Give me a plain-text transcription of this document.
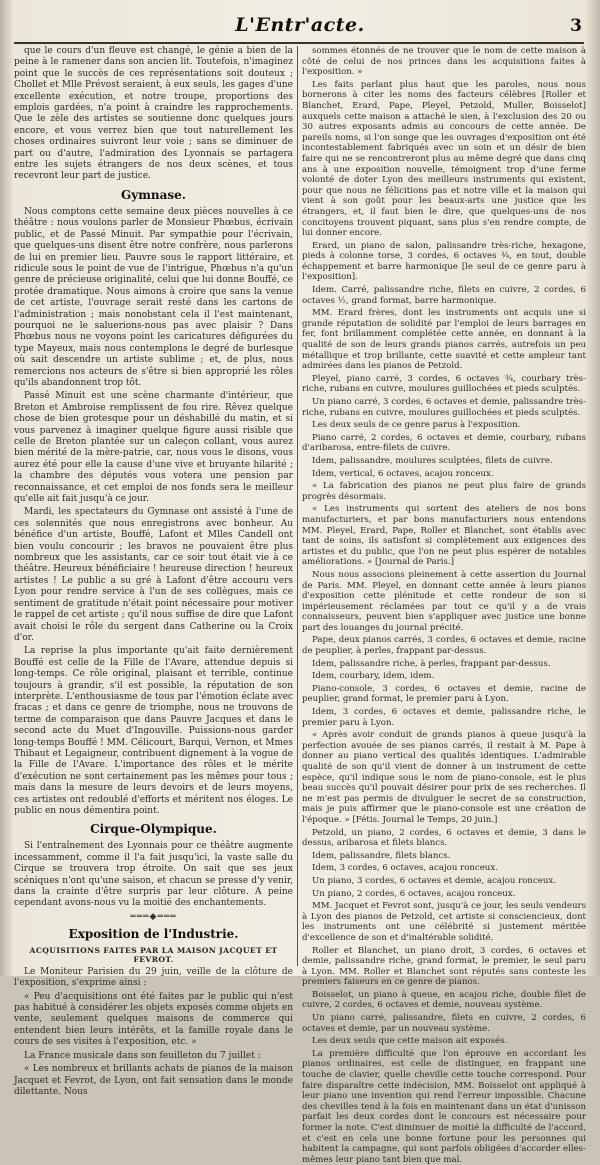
L'Entr'acte.	3

que le cours d'un fleuve est changé, le génie a bien de la peine à le ramener dans son ancien lit. Toutefois, n'imaginez point que le succès de ces représentations soit douteux ; Chollet et Mlle Prévost seraient, à eux seuls, les gages d'une excellente exécution, et notre troupe, proportions des emplois gardées, n'a point à craindre les rapprochements. Que le zèle des artistes se soutienne donc quelques jours encore, et vous verrez bien que tout naturellement les choses ordinaires suivront leur voie ; sans se diminuer de part ou d'autre, l'admiration des Lyonnais se partagera entre les sujets étrangers de nos deux scènes, et tous recevront leur part de justice.

Gymnase.

Nous comptons cette semaine deux pièces nouvelles à ce théâtre : nous voulons parler de Monsieur Phœbus, écrivain public, et de Passé Minuit. Par sympathie pour l'écrivain, que quelques-uns disent être notre confrère, nous parlerons de lui en premier lieu. Pauvre sous le rapport littéraire, et ridicule sous le point de vue de l'intrigue, Phœbus n'a qu'un genre de précieuse originalité, celui que lui donne Bouffé, ce protée dramatique. Nous aimons à croire que sans la venue de cet artiste, l'ouvrage serait resté dans les cartons de l'administration ; mais nonobstant cela il l'est maintenant, pourquoi ne le saluerions-nous pas avec plaisir ? Dans Phœbus nous ne voyons point les caricatures défigurées du type Mayeux, mais nous contemplons le degré de burlesque où sait descendre un artiste sublime ; et, de plus, nous remercions nos acteurs de s'être si bien approprié les rôles qu'ils abandonnent trop tôt.

Passé Minuit est une scène charmante d'intérieur, que Breton et Ambroise remplissent de fou rire. Rêvez quelque chose de bien grotesque pour un déshabillé du matin, et si vous parvenez à imaginer quelque figure aussi risible que celle de Breton plantée sur un caleçon collant, vous aurez bien mérité de la mère-patrie, car, nous vous le disons, vous aurez été pour elle la cause d'une vive et bruyante hilarité ; la chambre des députés vous votera une pension par reconnaissance, et cet emploi de nos fonds sera le meilleur qu'elle ait fait jusqu'à ce jour.

Mardi, les spectateurs du Gymnase ont assisté à l'une de ces solennités que nous enregistrons avec bonheur. Au bénéfice d'un artiste, Bouffé, Lafont et Mlles Candell ont bien voulu concourir ; les bravos ne pouvaient être plus nombreux que les assistants, car ce soir tout était vie à ce théâtre. Heureux bénéficiaire ! heureuse direction ! heureux artistes ! Le public a su gré à Lafont d'être accouru vers Lyon pour rendre service à l'un de ses collègues, mais ce sentiment de gratitude n'était point nécessaire pour motiver le rappel de cet artiste ; qu'il nous suffise de dire que Lafont avait choisi le rôle du sergent dans Catherine ou la Croix d'or.

La reprise la plus importante qu'ait faite dernièrement Bouffé est celle de la Fille de l'Avare, attendue depuis si long-temps. Ce rôle original, plaisant et terrible, continue toujours à grandir, s'il est possible, la réputation de son interprète. L'enthousiasme de tous par l'émotion éclate avec fracas ; et dans ce genre de triomphe, nous ne trouvons de terme de comparaison que dans Pauvre Jacques et dans le second acte du Muet d'Ingouville. Puissions-nous garder long-temps Bouffé ! MM. Célicourt, Barqui, Vernon, et Mmes Thibaut et Legaigneur, contribuent dignement à la vogue de la Fille de l'Avare. L'importance des rôles et le mérite d'exécution ne sont certainement pas les mêmes pour tous ; mais dans la mesure de leurs devoirs et de leurs moyens, ces artistes ont redoublé d'efforts et méritent nos éloges. Le public en nous démentira point.

Cirque-Olympique.

Si l'entraînement des Lyonnais pour ce théâtre augmente incessamment, comme il l'a fait jusqu'ici, la vaste salle du Cirque se trouvera trop étroite. On sait que ses jeux scéniques n'ont qu'une saison, et chacun se presse d'y venir, dans la crainte d'être surpris par leur clôture. A peine cependant avons-nous vu la moitié des enchantements.

═══◆═══
Exposition de l'Industrie.
ACQUISITIONS FAITES PAR LA MAISON JACQUET ET FEVROT.

Le Moniteur Parisien du 29 juin, veille de la clôture de l'exposition, s'exprime ainsi :

« Peu d'acquisitions ont été faites par le public qui n'est pas habitué à considérer les objets exposés comme objets en vente, seulement quelques maisons de commerce qui entendent bien leurs intérêts, et la famille royale dans le cours de ses visites à l'exposition, etc. »

La France musicale dans son feuilleton du 7 juillet :

« Les nombreux et brillants achats de pianos de la maison Jacquet et Fevrot, de Lyon, ont fait sensation dans le monde dilettante. Nous

sommes étonnés de ne trouver que le nom de cette maison à côté de celui de nos princes dans les acquisitions faites à l'exposition. »

Les faits parlant plus haut que les paroles, nous nous bornerons à citer les noms des facteurs célèbres [Roller et Blanchet, Erard, Pape, Pleyel, Petzold, Muller, Boisselot] auxquels cette maison a attaché le sien, à l'exclusion des 20 ou 30 autres exposants admis au concours de cette année. De pareils noms, si l'on songe que les ouvrages d'exposition ont été incontestablement fabriqués avec un soin et un désir de bien faire qui ne se rencontreront plus au même degré que dans cinq ans à une exposition nouvelle, témoignent trop d'une ferme volonté de doter Lyon des meilleurs instruments qui existent, pour que nous ne félicitions pas et notre ville et la maison qui vient à son goût pour les beaux-arts une justice que les étrangers, et, il faut bien le dire, que quelques-uns de nos concitoyens trouvent piquant, sans plus s'en rendre compte, de lui donner encore.

Erard, un piano de salon, palissandre très-riche, hexagone, pieds à colonne torse, 3 cordes, 6 octaves ¾, en tout, double échappement et barre harmonique [le seul de ce genre paru à l'exposition].

Idem. Carré, palissandre riche, filets en cuivre, 2 cordes, 6 octaves ½, grand format, barre harmonique.

MM. Erard frères, dont les instruments ont acquis une si grande réputation de solidité par l'emploi de leurs barrages en fer, font brillamment complétée cette année, en donnant à la qualité de son de leurs grands pianos carrés, autrefois un peu métallique et trop brillante, cette suavité et cette ampleur tant admirées dans les pianos de Petzold.

Pleyel, piano carré, 3 cordes, 6 octaves ¾, courbary très-riche, rubans en cuivre, moulures guillochées et pieds sculptés.

Un piano carré, 3 cordes, 6 octaves et demie, palissandre très-riche, rubans en cuivre, moulures guillochées et pieds sculptés.

Les deux seuls de ce genre parus à l'exposition.

Piano carré, 2 cordes, 6 octaves et demie, courbary, rubans d'aribarosa, entre-filets de cuivre.

Idem, palissandre, moulures sculptées, filets de cuivre.

Idem, vertical, 6 octaves, acajou ronceux.

« La fabrication des pianos ne peut plus faire de grands progrès désormais.

« Les instruments qui sortent des ateliers de nos bons manufacturiers, et par bons manufacturiers nous entendons MM. Pleyel, Erard, Pape, Roller et Blanchet, sont établis avec tant de soins, ils satisfont si complètement aux exigences des artistes et du public, que l'on ne peut plus espérer de notables améliorations. » [Journal de Paris.]

Nous nous associons pleinement à cette assertion du Journal de Paris. MM. Pleyel, en donnant cette année à leurs pianos d'exposition cette plénitude et cette rondeur de son si impérieusement réclamées par tout ce qu'il y a de vrais connaisseurs, peuvent bien s'appliquer avec justice une bonne part des louanges du journal précité.

Pape, deux pianos carrés, 3 cordes, 6 octaves et demie, racine de peuplier, à perles, frappant par-dessus.

Idem, palissandre riche, à perles, frappant par-dessus.

Idem, courbary, idem, idem.

Piano-console, 3 cordes, 6 octaves et demie, racine de peuplier, grand format, le premier paru à Lyon.

Idem, 3 cordes, 6 octaves et demie, palissandre riche, le premier paru à Lyon.

« Après avoir conduit de grands pianos à queue jusqu'à la perfection avouée de ses pianos carrés, il restait à M. Pape à donner au piano vertical des qualités identiques. L'admirable qualité de son qu'il vient de donner à un instrument de cette espèce, qu'il indique sous le nom de piano-console, est le plus beau succès qu'il pouvait désirer pour prix de ses recherches. Il ne m'est pas permis de divulguer le secret de sa construction, mais je puis affirmer que le piano-console est une création de l'époque. » [Fétis. Journal le Temps, 20 juin.]

Petzold, un piano, 2 cordes, 6 octaves et demie, 3 dans le dessus, aribarosa et filets blancs.

Idem, palissandre, filets blancs.

Idem, 3 cordes, 6 octaves, acajou ronceux.

Un piano, 3 cordes, 6 octaves et demie, acajou ronceux.

Un piano, 2 cordes, 6 octaves, acajou ronceux.

MM. Jacquet et Fevrot sont, jusqu'à ce jour, les seuls vendeurs à Lyon des pianos de Petzold, cet artiste si consciencieux, dont les instruments ont une célébrité si justement méritée d'excellence de son et d'inaltérable solidité.

Roller et Blanchet, un piano droit, 3 cordes, 6 octaves et demie, palissandre riche, grand format, le premier, le seul paru à Lyon. MM. Roller et Blanchet sont réputés sans conteste les premiers faiseurs en ce genre de pianos.

Boisselot, un piano à queue, en acajou riche, double filet de cuivre, 2 cordes, 6 octaves et demie, nouveau système.

Un piano carré, palissandre, filets en cuivre, 2 cordes, 6 octaves et demie, par un nouveau système.

Les deux seuls que cette maison ait exposés.

La première difficulté que l'on éprouve en accordant les pianos ordinaires, est celle de distinguer, en frappant une touche de clavier, quelle cheville cette touche correspond. Pour faire disparaître cette indécision, MM. Boisselot ont appliqué à leur piano une invention qui rend l'erreur impossible. Chacune des chevilles tend à la fois en maintenant dans un état d'unisson parfait les deux cordes dont le concours est nécessaire pour former la note. C'est diminuer de moitié la difficulté de l'accord, et c'est en cela une bonne fortune pour les personnes qui habitent la campagne, qui sont parfois obligées d'accorder elles-mêmes leur piano tant bien que mal.
